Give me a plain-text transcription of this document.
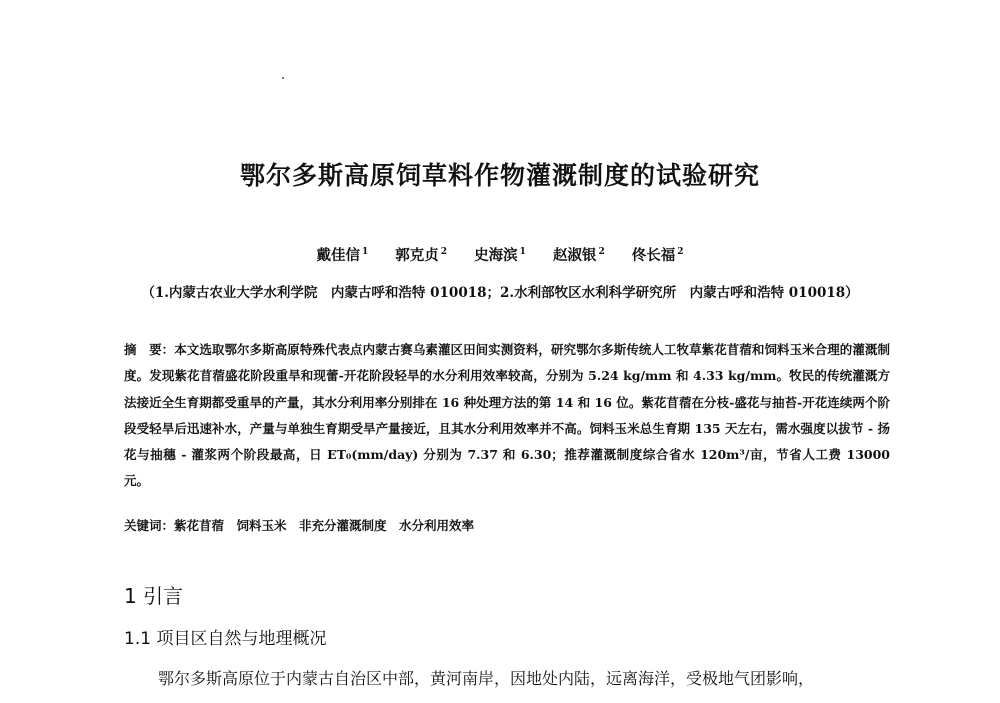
鄂尔多斯高原饲草料作物灌溉制度的试验研究
戴佳信 $^1$ 郭克贞 $^2$ 史海滨 $^1$ 赵淑银 $^2$ 佟长福 $^2$
（1.内蒙古农业大学水利学院　内蒙古呼和浩特 010018；2.水利部牧区水利科学研究所　内蒙古呼和浩特 010018）
摘　要：本文选取鄂尔多斯高原特殊代表点内蒙古赛乌素灌区田间实测资料，研究鄂尔多斯传统人工牧草紫花苜蓿和饲料玉米合理的灌溉制度。发现紫花苜蓿盛花阶段重旱和现蕾-开花阶段轻旱的水分利用效率较高，分别为 5.24 kg/mm 和 4.33 kg/mm。牧民的传统灌溉方法接近全生育期都受重旱的产量，其水分利用率分别排在 16 种处理方法的第 14 和 16 位。紫花苜蓿在分枝-盛花与抽苔-开花连续两个阶段受轻旱后迅速补水，产量与单独生育期受旱产量接近，且其水分利用效率并不高。饲料玉米总生育期 135 天左右，需水强度以拔节 - 扬花与抽穗 - 灌浆两个阶段最高，日 ET₀(mm/day) 分别为 7.37 和 6.30；推荐灌溉制度综合省水 120m³/亩，节省人工费 13000 元。
关键词：紫花苜蓿　饲料玉米　非充分灌溉制度　水分利用效率
1 引言
1.1 项目区自然与地理概况
鄂尔多斯高原位于内蒙古自治区中部，黄河南岸，因地处内陆，远离海洋，受极地气团影响，
